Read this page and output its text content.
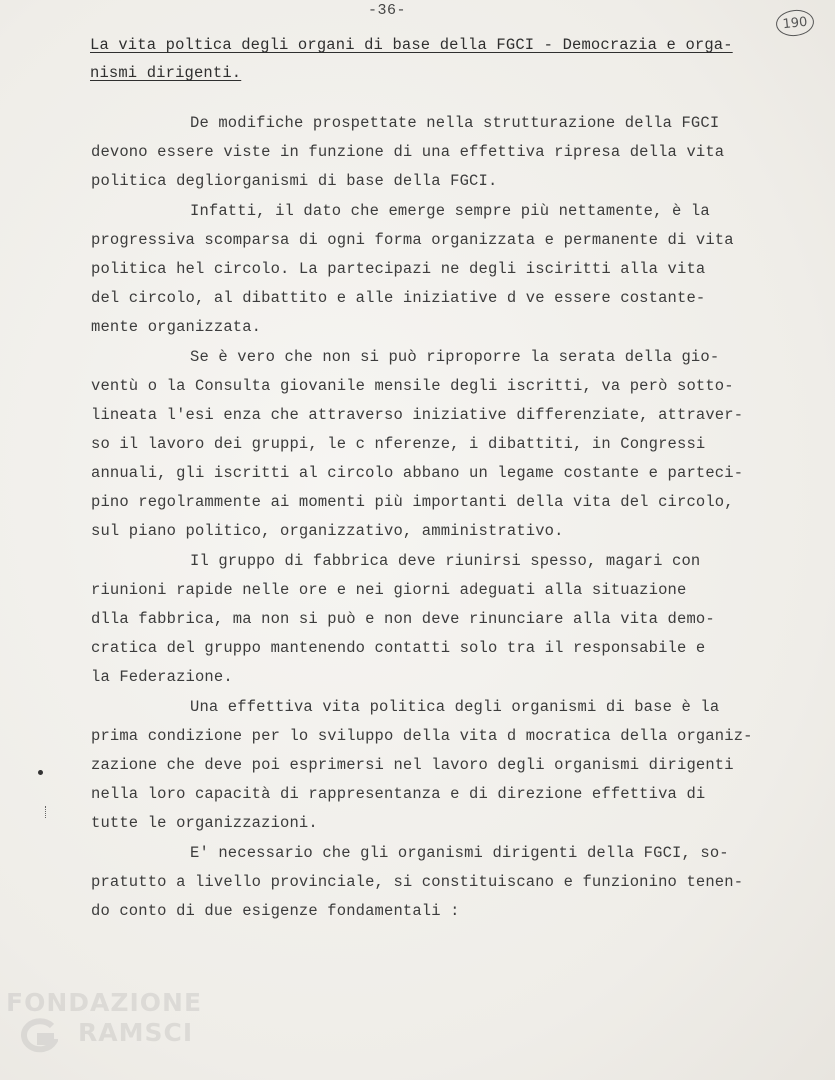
-36-
190
La vita poltica degli organi di base della FGCI - Democrazia e orga-
nismi dirigenti.
De modifiche prospettate nella strutturazione della FGCI
devono essere viste in funzione di una effettiva ripresa della vita
politica degliorganismi di base della FGCI.
Infatti, il dato che emerge sempre più nettamente, è la
progressiva scomparsa di ogni forma organizzata e permanente di vita
politica hel circolo. La partecipazi ne degli isciritti alla vita
del circolo, al dibattito e alle iniziative d ve essere costante-
mente organizzata.
Se è vero che non si può riproporre la serata della gio-
ventù o la Consulta giovanile mensile degli iscritti, va però sotto-
lineata l'esi enza che attraverso iniziative differenziate, attraver-
so il lavoro dei gruppi, le c nferenze, i dibattiti, in Congressi
annuali, gli iscritti al circolo abbano un legame costante e parteci-
pino regolrammente ai momenti più importanti della vita del circolo,
sul piano politico, organizzativo, amministrativo.
Il gruppo di fabbrica deve riunirsi spesso, magari con
riunioni rapide nelle ore e nei giorni adeguati alla situazione
dlla fabbrica, ma non si può e non deve rinunciare alla vita demo-
cratica del gruppo mantenendo contatti solo tra il responsabile e
la Federazione.
Una effettiva vita politica degli organismi di base è la
prima condizione per lo sviluppo della vita d mocratica della organiz-
zazione che deve poi esprimersi nel lavoro degli organismi dirigenti
nella loro capacità di rappresentanza e di direzione effettiva di
tutte le organizzazioni.
E' necessario che gli organismi dirigenti della FGCI, so-
pratutto a livello provinciale, si constituiscano e funzionino tenen-
do conto di due esigenze fondamentali :
FONDAZIONE
RAMSCI
